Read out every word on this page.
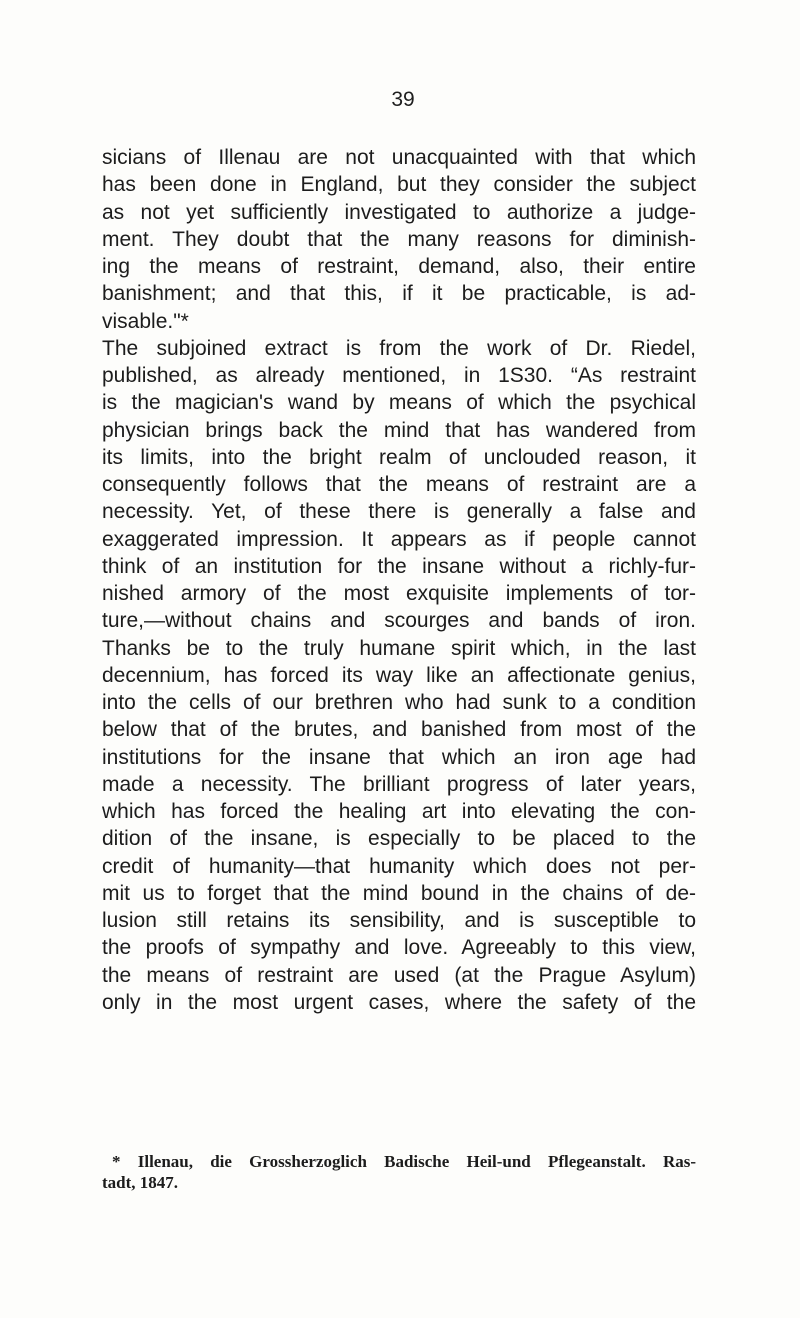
39
sicians of Illenau are not unacquainted with that which
has been done in England, but they consider the subject
as not yet sufficiently investigated to authorize a judge-
ment. They doubt that the many reasons for diminish-
ing the means of restraint, demand, also, their entire
banishment; and that this, if it be practicable, is ad-
visable."*
The subjoined extract is from the work of Dr. Riedel,
published, as already mentioned, in 1S30. “As restraint
is the magician's wand by means of which the psychical
physician brings back the mind that has wandered from
its limits, into the bright realm of unclouded reason, it
consequently follows that the means of restraint are a
necessity. Yet, of these there is generally a false and
exaggerated impression. It appears as if people cannot
think of an institution for the insane without a richly-fur-
nished armory of the most exquisite implements of tor-
ture,—without chains and scourges and bands of iron.
Thanks be to the truly humane spirit which, in the last
decennium, has forced its way like an affectionate genius,
into the cells of our brethren who had sunk to a condition
below that of the brutes, and banished from most of the
institutions for the insane that which an iron age had
made a necessity. The brilliant progress of later years,
which has forced the healing art into elevating the con-
dition of the insane, is especially to be placed to the
credit of humanity—that humanity which does not per-
mit us to forget that the mind bound in the chains of de-
lusion still retains its sensibility, and is susceptible to
the proofs of sympathy and love. Agreeably to this view,
the means of restraint are used (at the Prague Asylum)
only in the most urgent cases, where the safety of the
* Illenau, die Grossherzoglich Badische Heil-und Pflegeanstalt. Ras-
tadt, 1847.
